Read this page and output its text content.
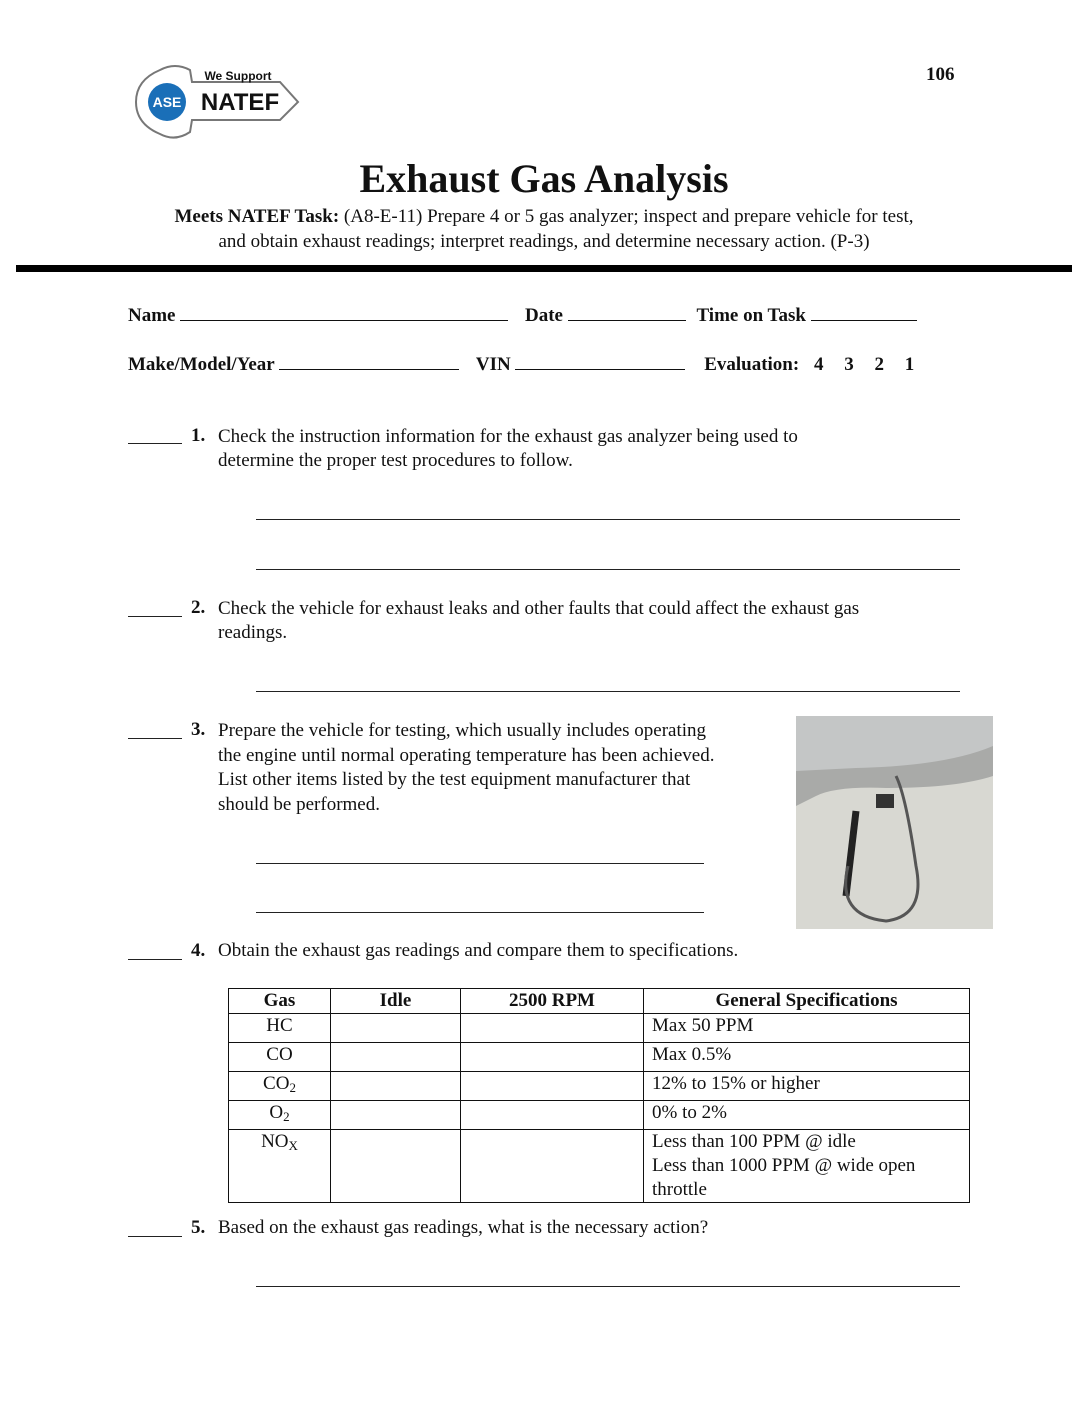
106
ASE
We Support
NATEF
Exhaust Gas Analysis
Meets NATEF Task: (A8-E-11) Prepare 4 or 5 gas analyzer; inspect and prepare vehicle for test,
and obtain exhaust readings; interpret readings, and determine necessary action. (P-3)
Name	Date	Time on Task
Make/Model/Year	VIN	Evaluation: 4 3 2 1
1. Check the instruction information for the exhaust gas analyzer being used to
determine the proper test procedures to follow.
2. Check the vehicle for exhaust leaks and other faults that could affect the exhaust gas
readings.
3. Prepare the vehicle for testing, which usually includes operating
the engine until normal operating temperature has been achieved.
List other items listed by the test equipment manufacturer that
should be performed.
4. Obtain the exhaust gas readings and compare them to specifications.
Gas	Idle	2500 RPM	General Specifications
HC			Max 50 PPM

CO			Max 0.5%

$CO_2$			12% to 15% or higher

$O_2$			0% to 2%

$NO_X$			Less than 100 PPM @ idle
Less than 1000 PPM @ wide open
throttle
5. Based on the exhaust gas readings, what is the necessary action?
